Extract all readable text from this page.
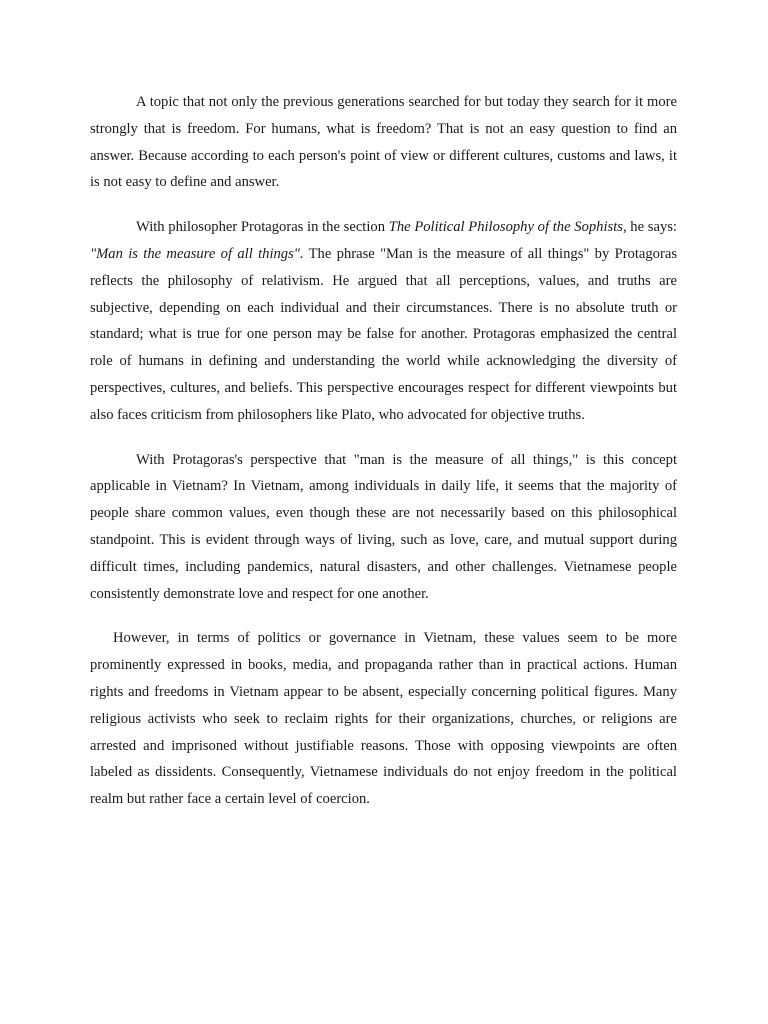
A topic that not only the previous generations searched for but today they search for it more strongly that is freedom. For humans, what is freedom? That is not an easy question to find an answer. Because according to each person's point of view or different cultures, customs and laws, it is not easy to define and answer.

With philosopher Protagoras in the section The Political Philosophy of the Sophists, he says: "Man is the measure of all things". The phrase "Man is the measure of all things" by Protagoras reflects the philosophy of relativism. He argued that all perceptions, values, and truths are subjective, depending on each individual and their circumstances. There is no absolute truth or standard; what is true for one person may be false for another. Protagoras emphasized the central role of humans in defining and understanding the world while acknowledging the diversity of perspectives, cultures, and beliefs. This perspective encourages respect for different viewpoints but also faces criticism from philosophers like Plato, who advocated for objective truths.

With Protagoras's perspective that "man is the measure of all things," is this concept applicable in Vietnam? In Vietnam, among individuals in daily life, it seems that the majority of people share common values, even though these are not necessarily based on this philosophical standpoint. This is evident through ways of living, such as love, care, and mutual support during difficult times, including pandemics, natural disasters, and other challenges. Vietnamese people consistently demonstrate love and respect for one another.

However, in terms of politics or governance in Vietnam, these values seem to be more prominently expressed in books, media, and propaganda rather than in practical actions. Human rights and freedoms in Vietnam appear to be absent, especially concerning political figures. Many religious activists who seek to reclaim rights for their organizations, churches, or religions are arrested and imprisoned without justifiable reasons. Those with opposing viewpoints are often labeled as dissidents. Consequently, Vietnamese individuals do not enjoy freedom in the political realm but rather face a certain level of coercion.
